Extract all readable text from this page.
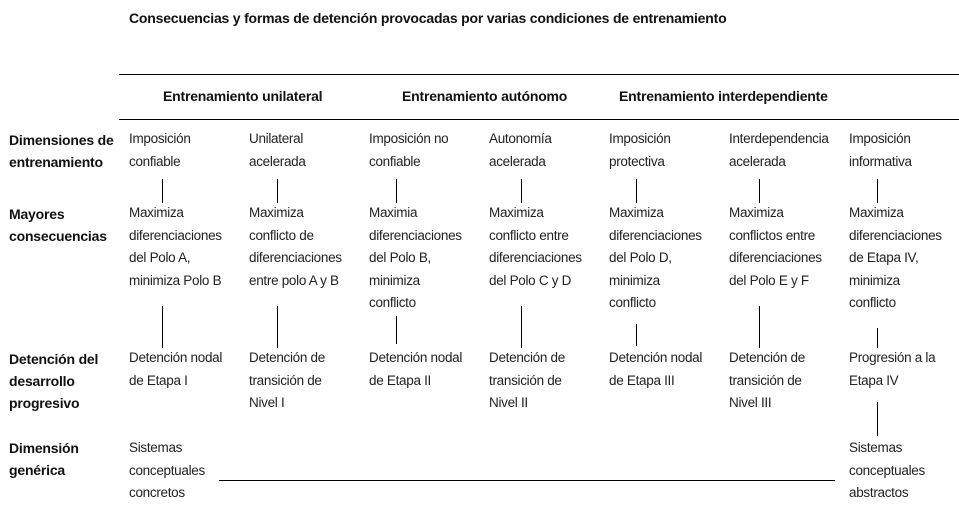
Consecuencias y formas de detención provocadas por varias condiciones de entrenamiento
Entrenamiento unilateral	Entrenamiento autónomo	Entrenamiento interdependiente
Dimensiones de
entrenamiento
Mayores
consecuencias
Detención del
desarrollo
progresivo
Dimensión
genérica
Imposición
confiable
Unilateral
acelerada
Imposición no
confiable
Autonomía
acelerada
Imposición
protectiva
Interdependencia
acelerada
Imposición
informativa
Maximiza
diferenciaciones
del Polo A,
minimiza Polo B
Maximiza
conflicto de
diferenciaciones
entre polo A y B
Maximia
diferenciaciones
del Polo B,
minimiza
conflicto
Maximiza
conflicto entre
diferenciaciones
del Polo C y D
Maximiza
diferenciaciones
del Polo D,
minimiza
conflicto
Maximiza
conflictos entre
diferenciaciones
del Polo E y F
Maximiza
diferenciaciones
de Etapa IV,
minimiza
conflicto
Detención nodal
de Etapa I
Detención de
transición de
Nivel I
Detención nodal
de Etapa II
Detención de
transición de
Nivel II
Detención nodal
de Etapa III
Detención de
transición de
Nivel III
Progresión a la
Etapa IV
Sistemas
conceptuales
concretos
Sistemas
conceptuales
abstractos
